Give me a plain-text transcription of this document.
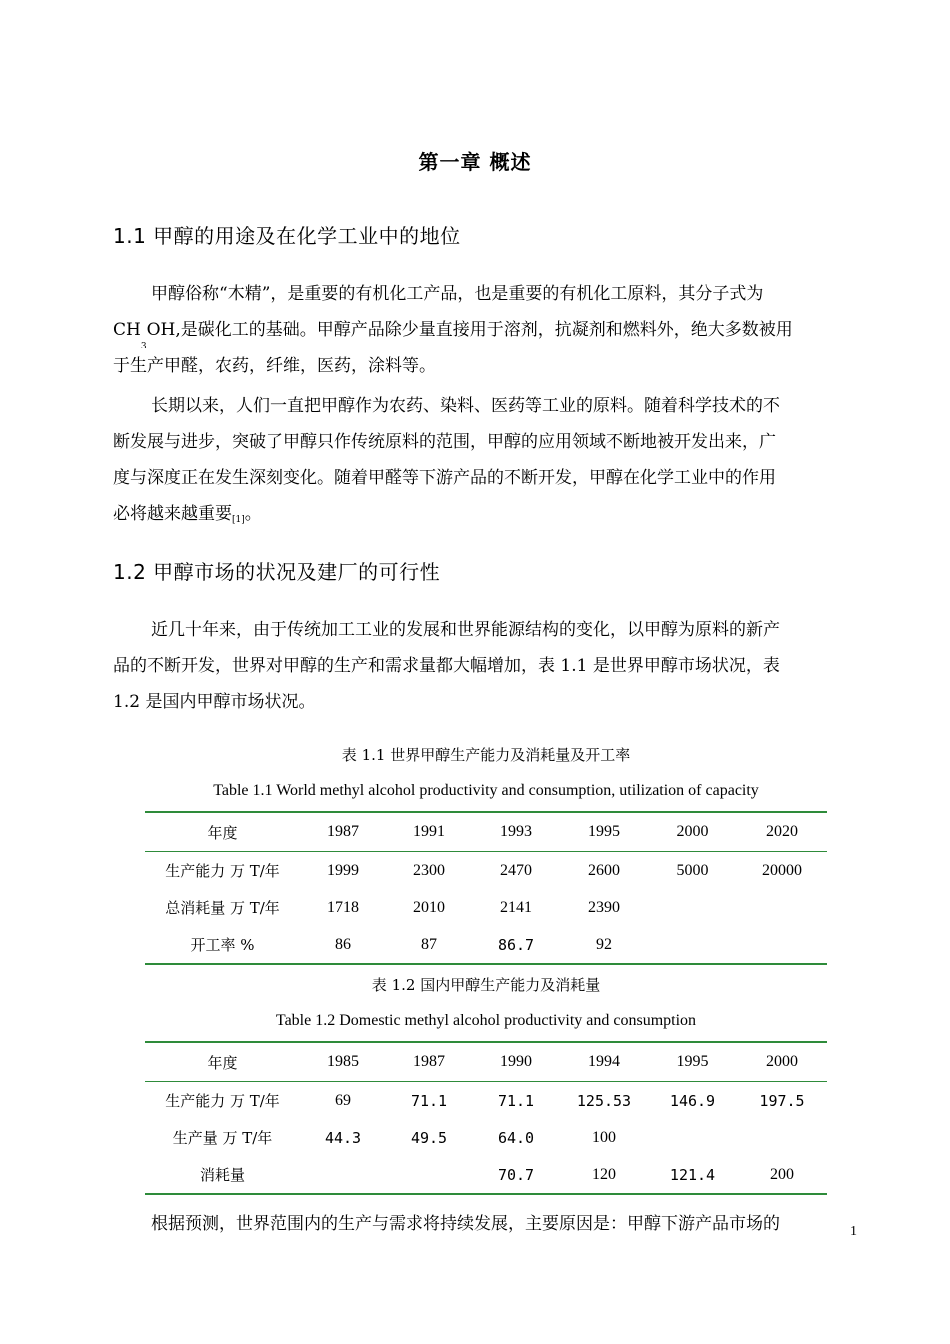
第一章 概述
1.1 甲醇的用途及在化学工业中的地位
甲醇俗称“木精”，是重要的有机化工产品，也是重要的有机化工原料，其分子式为
$CH_3OH$,是碳化工的基础。甲醇产品除少量直接用于溶剂，抗凝剂和燃料外，绝大多数被用
于生产甲醛，农药，纤维，医药，涂料等。
长期以来，人们一直把甲醇作为农药、染料、医药等工业的原料。随着科学技术的不
断发展与进步，突破了甲醇只作传统原料的范围，甲醇的应用领域不断地被开发出来，广
度与深度正在发生深刻变化。随着甲醛等下游产品的不断开发，甲醇在化学工业中的作用
必将越来越重要[1]。
1.2 甲醇市场的状况及建厂的可行性
近几十年来，由于传统加工工业的发展和世界能源结构的变化，以甲醇为原料的新产
品的不断开发，世界对甲醇的生产和需求量都大幅增加，表 1.1 是世界甲醇市场状况，表
1.2 是国内甲醇市场状况。
表 1.1 世界甲醇生产能力及消耗量及开工率
Table 1.1 World methyl alcohol productivity and consumption, utilization of capacity
年度	1987	1991	1993	1995	2000	2020
生产能力 万 T/年	1999	2300	2470	2600	5000	20000
总消耗量 万 T/年	1718	2010	2141	2390		
开工率 %	86	87	86.7	92		
表 1.2 国内甲醇生产能力及消耗量
Table 1.2 Domestic methyl alcohol productivity and consumption
年度	1985	1987	1990	1994	1995	2000
生产能力 万 T/年	69	71.1	71.1	125.53	146.9	197.5
生产量 万 T/年	44.3	49.5	64.0	100		
消耗量			70.7	120	121.4	200
根据预测，世界范围内的生产与需求将持续发展，主要原因是：甲醇下游产品市场的	1
